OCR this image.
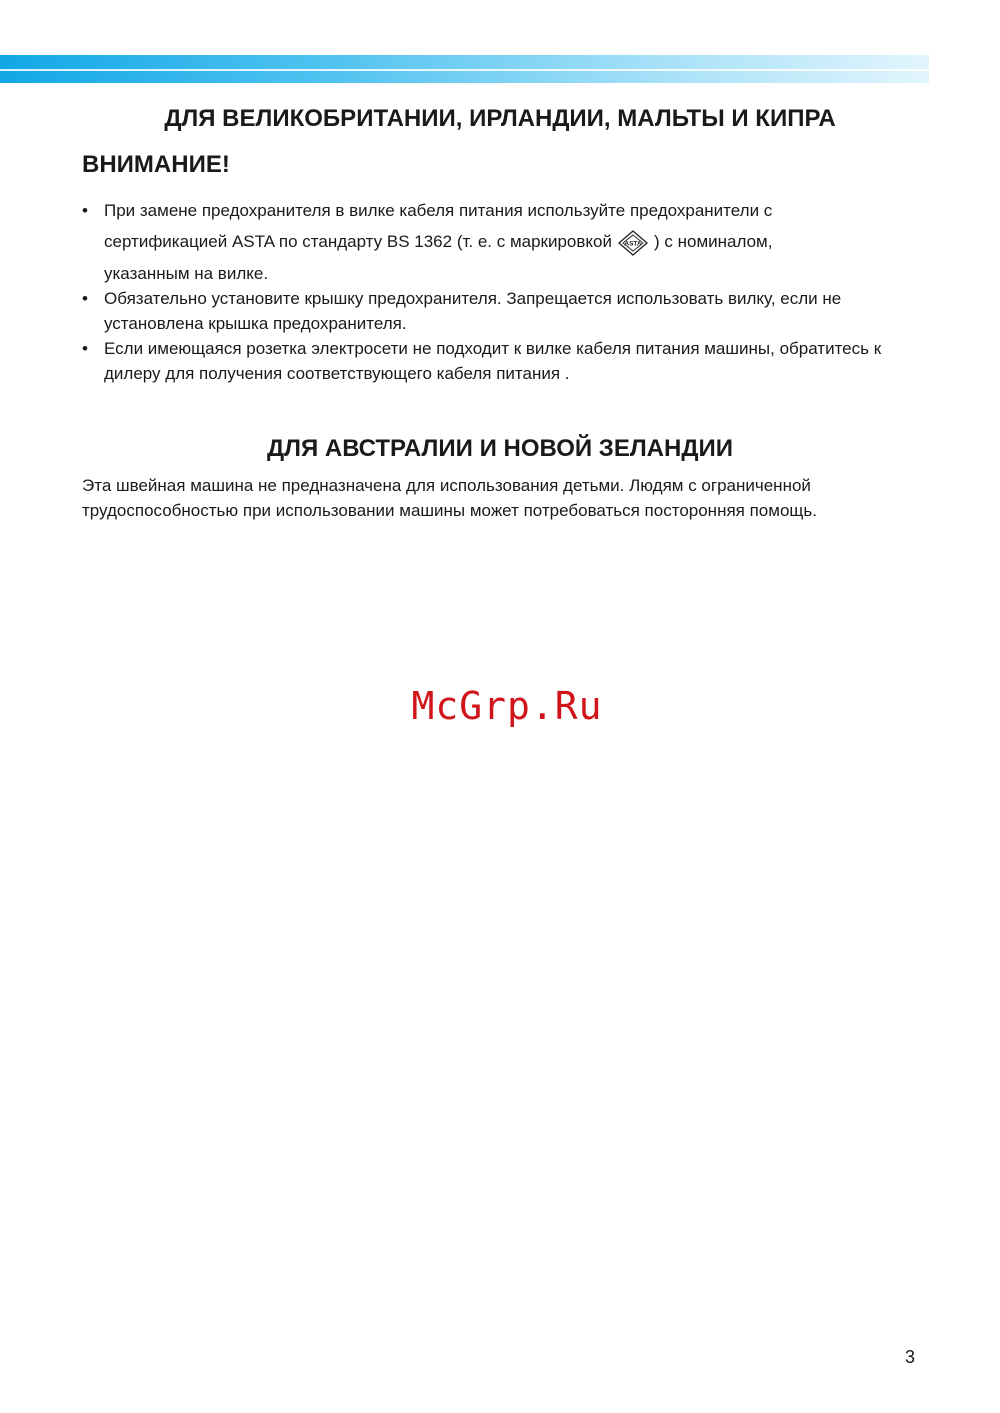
ДЛЯ ВЕЛИКОБРИТАНИИ, ИРЛАНДИИ, МАЛЬТЫ И КИПРА
ВНИМАНИЕ!
• При замене предохранителя в вилке кабеля питания используйте предохранители с
сертификацией ASTA по стандарту BS 1362 (т. е. с маркировкой ASTA ) с номиналом,
указанным на вилке.
• Обязательно установите крышку предохранителя. Запрещается использовать вилку, если не установлена крышка предохранителя.
• Если имеющаяся розетка электросети не подходит к вилке кабеля питания машины, обратитесь к дилеру для получения соответствующего кабеля питания .
ДЛЯ АВСТРАЛИИ И НОВОЙ ЗЕЛАНДИИ

Эта швейная машина не предназначена для использования детьми. Людям с ограниченной трудоспособностью при использовании машины может потребоваться посторонняя помощь.

McGrp.Ru
3
